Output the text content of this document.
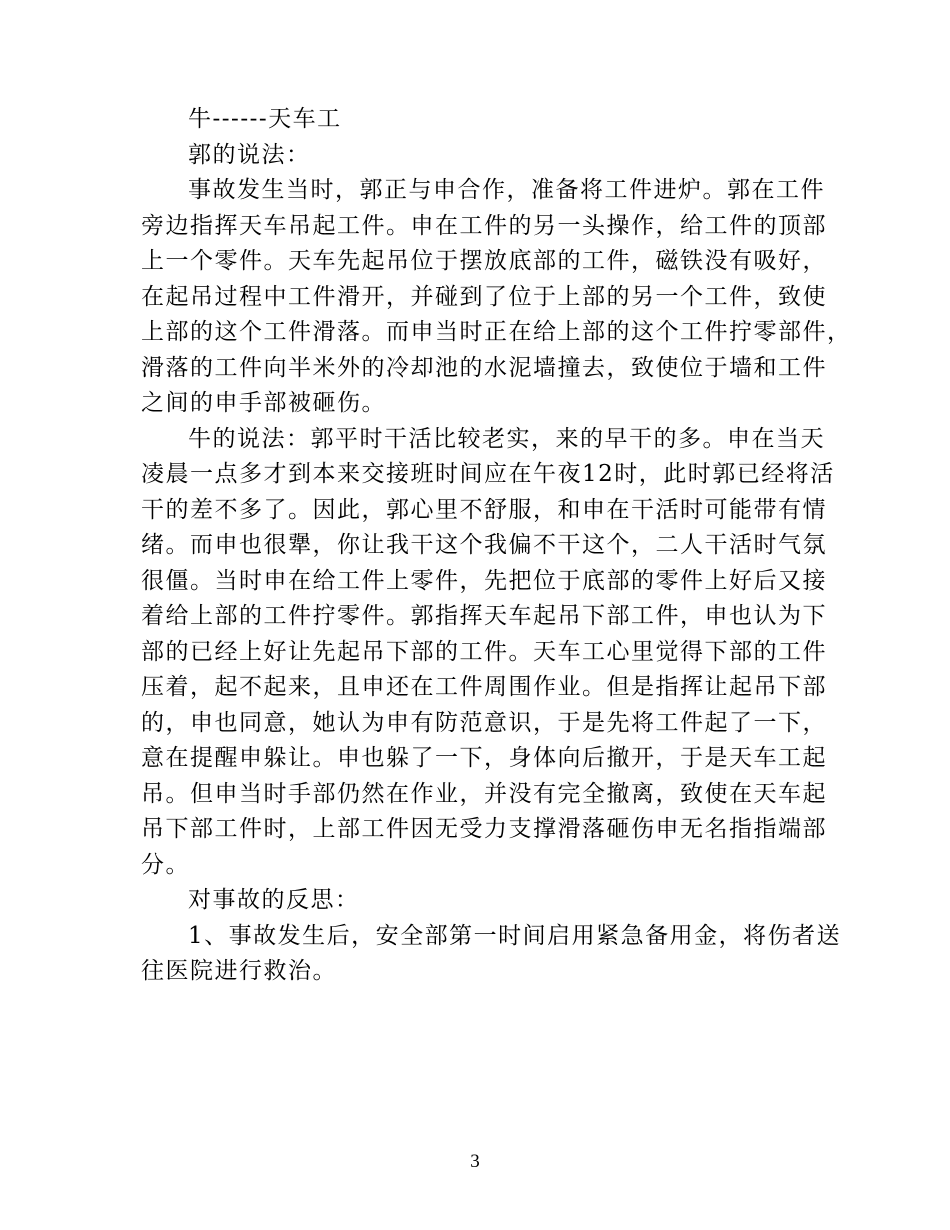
牛------天车工
郭的说法：
事故发生当时，郭正与申合作，准备将工件进炉。郭在工件
旁边指挥天车吊起工件。申在工件的另一头操作，给工件的顶部
上一个零件。天车先起吊位于摆放底部的工件，磁铁没有吸好，
在起吊过程中工件滑开，并碰到了位于上部的另一个工件，致使
上部的这个工件滑落。而申当时正在给上部的这个工件拧零部件，
滑落的工件向半米外的冷却池的水泥墙撞去，致使位于墙和工件
之间的申手部被砸伤。
牛的说法：郭平时干活比较老实，来的早干的多。申在当天
凌晨一点多才到本来交接班时间应在午夜12时，此时郭已经将活
干的差不多了。因此，郭心里不舒服，和申在干活时可能带有情
绪。而申也很犟，你让我干这个我偏不干这个，二人干活时气氛
很僵。当时申在给工件上零件，先把位于底部的零件上好后又接
着给上部的工件拧零件。郭指挥天车起吊下部工件，申也认为下
部的已经上好让先起吊下部的工件。天车工心里觉得下部的工件
压着，起不起来，且申还在工件周围作业。但是指挥让起吊下部
的，申也同意，她认为申有防范意识，于是先将工件起了一下，
意在提醒申躲让。申也躲了一下，身体向后撤开，于是天车工起
吊。但申当时手部仍然在作业，并没有完全撤离，致使在天车起
吊下部工件时，上部工件因无受力支撑滑落砸伤申无名指指端部
分。
对事故的反思：
1、事故发生后，安全部第一时间启用紧急备用金，将伤者送
往医院进行救治。
3
